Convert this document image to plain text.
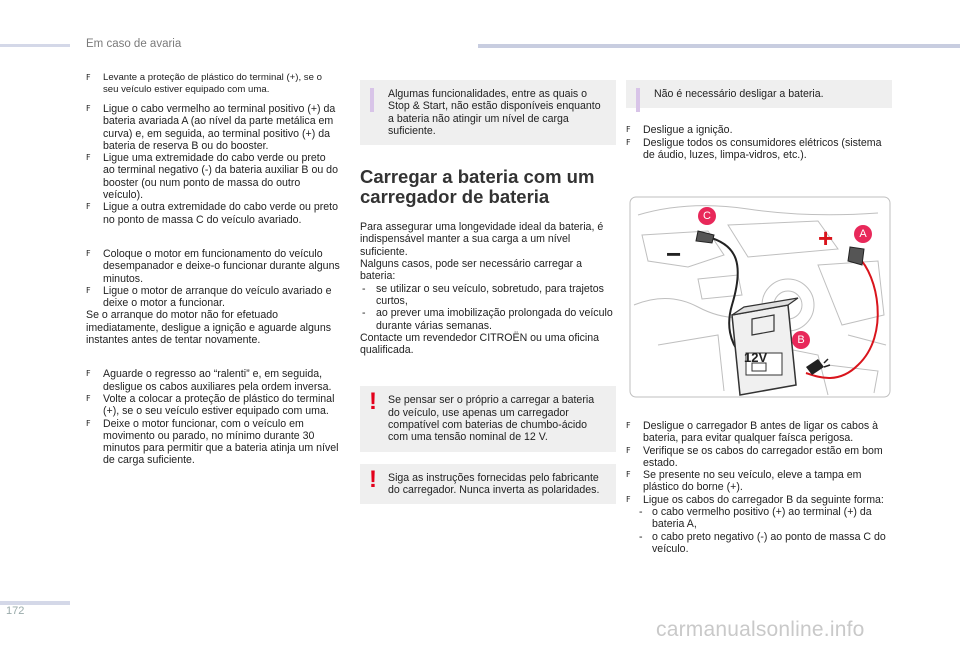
Em caso de avaria
F Levante a proteção de plástico do terminal (+), se o seu veículo estiver equipado com uma.
F Ligue o cabo vermelho ao terminal positivo (+) da bateria avariada A (ao nível da parte metálica em curva) e, em seguida, ao terminal positivo (+) da bateria de reserva B ou do booster.
F Ligue uma extremidade do cabo verde ou preto ao terminal negativo (-) da bateria auxiliar B ou do booster (ou num ponto de massa do outro veículo).
F Ligue a outra extremidade do cabo verde ou preto no ponto de massa C do veículo avariado.
F Coloque o motor em funcionamento do veículo desempanador e deixe-o funcionar durante alguns minutos.
F Ligue o motor de arranque do veículo avariado e deixe o motor a funcionar.

Se o arranque do motor não for efetuado imediatamente, desligue a ignição e aguarde alguns instantes antes de tentar novamente.

F Aguarde o regresso ao “ralenti” e, em seguida, desligue os cabos auxiliares pela ordem inversa.
F Volte a colocar a proteção de plástico do terminal (+), se o seu veículo estiver equipado com uma.
F Deixe o motor funcionar, com o veículo em movimento ou parado, no mínimo durante 30 minutos para permitir que a bateria atinja um nível de carga suficiente.
Algumas funcionalidades, entre as quais o Stop & Start, não estão disponíveis enquanto a bateria não atingir um nível de carga suficiente.
Carregar a bateria com um carregador de bateria

Para assegurar uma longevidade ideal da bateria, é indispensável manter a sua carga a um nível suficiente.

Nalguns casos, pode ser necessário carregar a bateria:

- se utilizar o seu veículo, sobretudo, para trajetos curtos,
- ao prever uma imobilização prolongada do veículo durante várias semanas.

Contacte um revendedor CITROËN ou uma oficina qualificada.

! Se pensar ser o próprio a carregar a bateria do veículo, use apenas um carregador compatível com baterias de chumbo-ácido com uma tensão nominal de 12 V.
! Siga as instruções fornecidas pelo fabricante do carregador. Nunca inverta as polaridades.
Não é necessário desligar a bateria.
F Desligue a ignição.
F Desligue todos os consumidores elétricos (sistema de áudio, luzes, limpa-vidros, etc.).
12V
+
−
C
A
B
F Desligue o carregador B antes de ligar os cabos à bateria, para evitar qualquer faísca perigosa.
F Verifique se os cabos do carregador estão em bom estado.
F Se presente no seu veículo, eleve a tampa em plástico do borne (+).
F Ligue os cabos do carregador B da seguinte forma:
- o cabo vermelho positivo (+) ao terminal (+) da bateria A,
- o cabo preto negativo (-) ao ponto de massa C do veículo.
172
carmanualsonline.info
